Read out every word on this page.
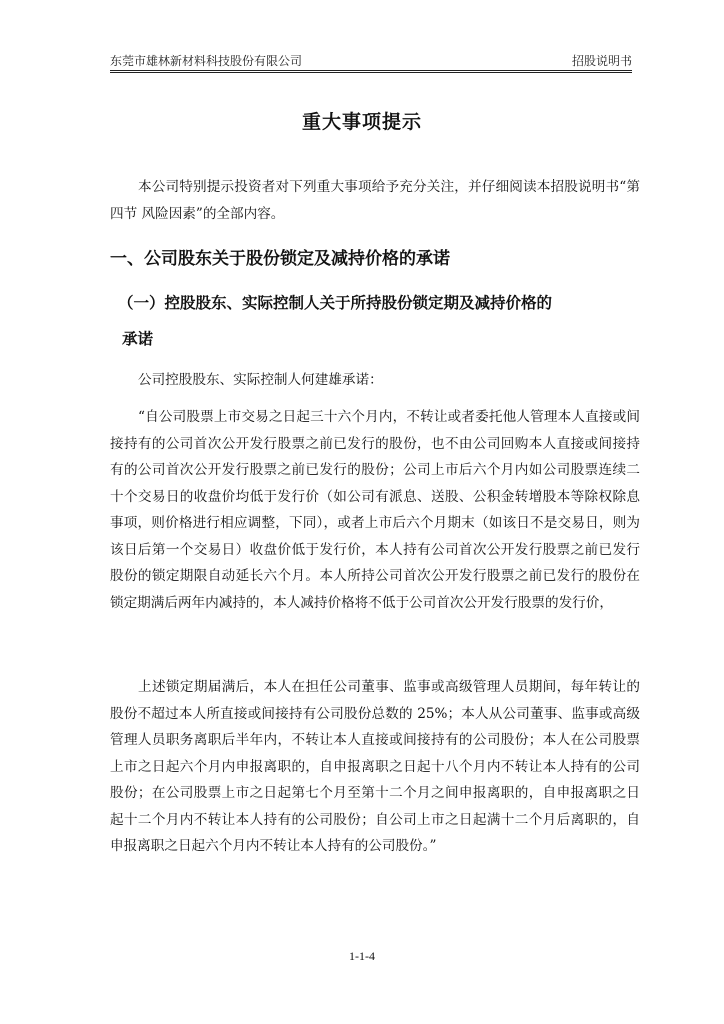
东莞市雄林新材料科技股份有限公司	招股说明书
重大事项提示

本公司特别提示投资者对下列重大事项给予充分关注，并仔细阅读本招股说明书“第四节 风险因素”的全部内容。

一、公司股东关于股份锁定及减持价格的承诺
（一）控股股东、实际控制人关于所持股份锁定期及减持价格的
承诺

公司控股股东、实际控制人何建雄承诺：

“自公司股票上市交易之日起三十六个月内，不转让或者委托他人管理本人直接或间接持有的公司首次公开发行股票之前已发行的股份，也不由公司回购本人直接或间接持有的公司首次公开发行股票之前已发行的股份；公司上市后六个月内如公司股票连续二十个交易日的收盘价均低于发行价（如公司有派息、送股、公积金转增股本等除权除息事项，则价格进行相应调整，下同），或者上市后六个月期末（如该日不是交易日，则为该日后第一个交易日）收盘价低于发行价，本人持有公司首次公开发行股票之前已发行股份的锁定期限自动延长六个月。本人所持公司首次公开发行股票之前已发行的股份在锁定期满后两年内减持的，本人减持价格将不低于公司首次公开发行股票的发行价，

上述锁定期届满后，本人在担任公司董事、监事或高级管理人员期间，每年转让的股份不超过本人所直接或间接持有公司股份总数的 25%；本人从公司董事、监事或高级管理人员职务离职后半年内，不转让本人直接或间接持有的公司股份；本人在公司股票上市之日起六个月内申报离职的，自申报离职之日起十八个月内不转让本人持有的公司股份；在公司股票上市之日起第七个月至第十二个月之间申报离职的，自申报离职之日起十二个月内不转让本人持有的公司股份；自公司上市之日起满十二个月后离职的，自申报离职之日起六个月内不转让本人持有的公司股份。”

1-1-4
